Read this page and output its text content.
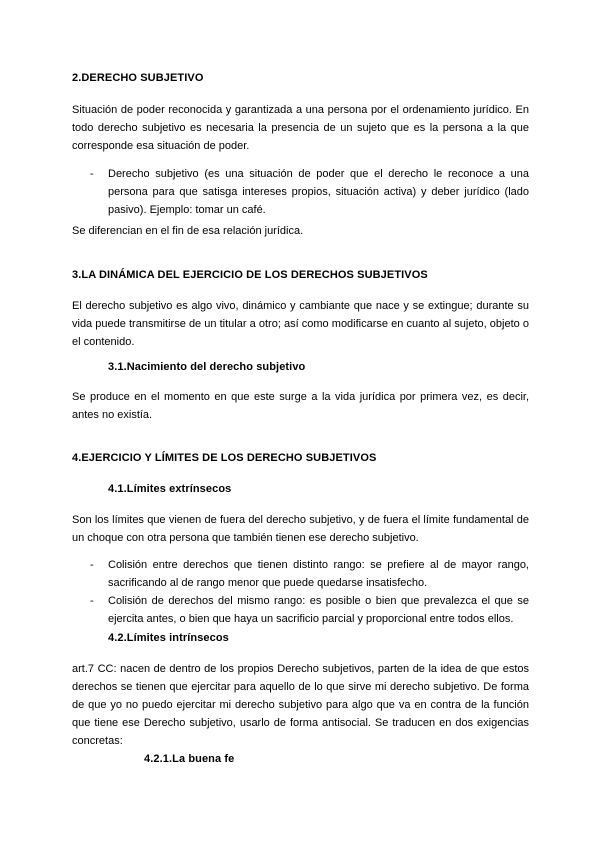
2.DERECHO SUBJETIVO

Situación de poder reconocida y garantizada a una persona por el ordenamiento jurídico. En todo derecho subjetivo es necesaria la presencia de un sujeto que es la persona a la que corresponde esa situación de poder.

-	Derecho subjetivo (es una situación de poder que el derecho le reconoce a una persona para que satisga intereses propios, situación activa) y deber jurídico (lado pasivo). Ejemplo: tomar un café.

Se diferencian en el fin de esa relación jurídica.

3.LA DINÁMICA DEL EJERCICIO DE LOS DERECHOS SUBJETIVOS

El derecho subjetivo es algo vivo, dinámico y cambiante que nace y se extingue; durante su vida puede transmitirse de un titular a otro; así como modificarse en cuanto al sujeto, objeto o el contenido.

3.1.Nacimiento del derecho subjetivo

Se produce en el momento en que este surge a la vida jurídica por primera vez, es decir, antes no existía.

4.EJERCICIO Y LÍMITES DE LOS DERECHO SUBJETIVOS

4.1.Límites extrínsecos

Son los límites que vienen de fuera del derecho subjetivo, y de fuera el límite fundamental de un choque con otra persona que también tienen ese derecho subjetivo.

-	Colisión entre derechos que tienen distinto rango: se prefiere al de mayor rango, sacrificando al de rango menor que puede quedarse insatisfecho.

-	Colisión de derechos del mismo rango: es posible o bien que prevalezca el que se ejercita antes, o bien que haya un sacrificio parcial y proporcional entre todos ellos.

4.2.Límites intrínsecos

art.7 CC: nacen de dentro de los propios Derecho subjetivos, parten de la idea de que estos derechos se tienen que ejercitar para aquello de lo que sirve mi derecho subjetivo. De forma de que yo no puedo ejercitar mi derecho subjetivo para algo que va en contra de la función que tiene ese Derecho subjetivo, usarlo de forma antisocial. Se traducen en dos exigencias concretas:

4.2.1.La buena fe
